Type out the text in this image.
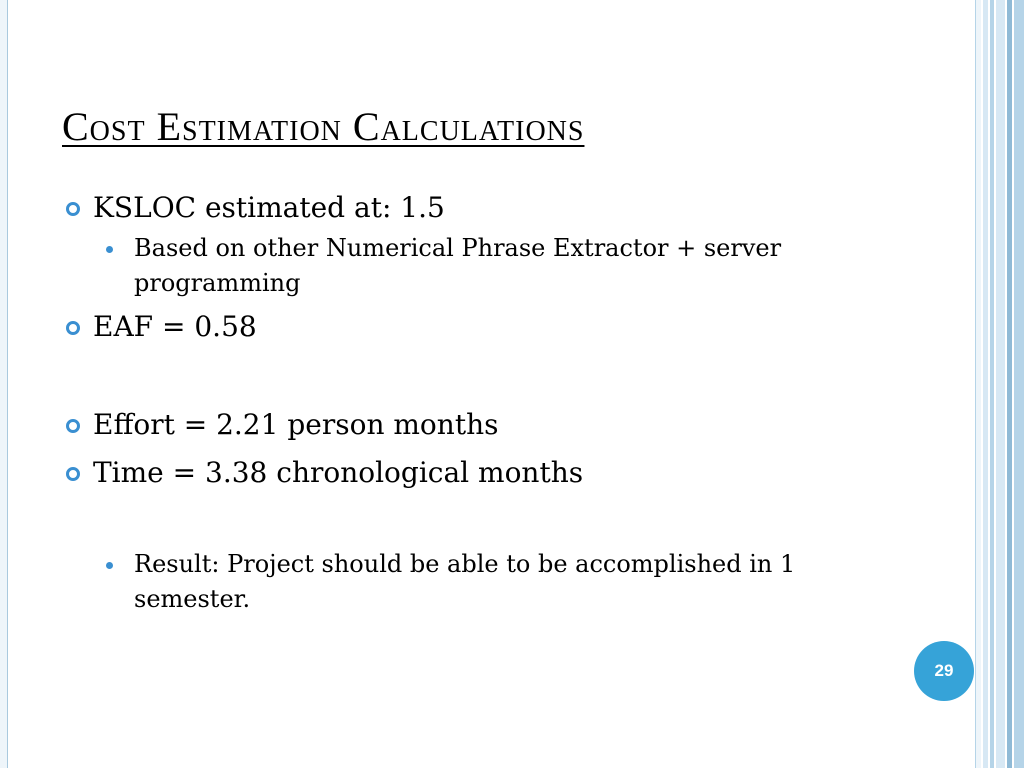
Cost Estimation Calculations
KSLOC estimated at: 1.5
Based on other Numerical Phrase Extractor + server programming
EAF = 0.58
Effort = 2.21 person months
Time = 3.38 chronological months
Result: Project should be able to be accomplished in 1 semester.
29
